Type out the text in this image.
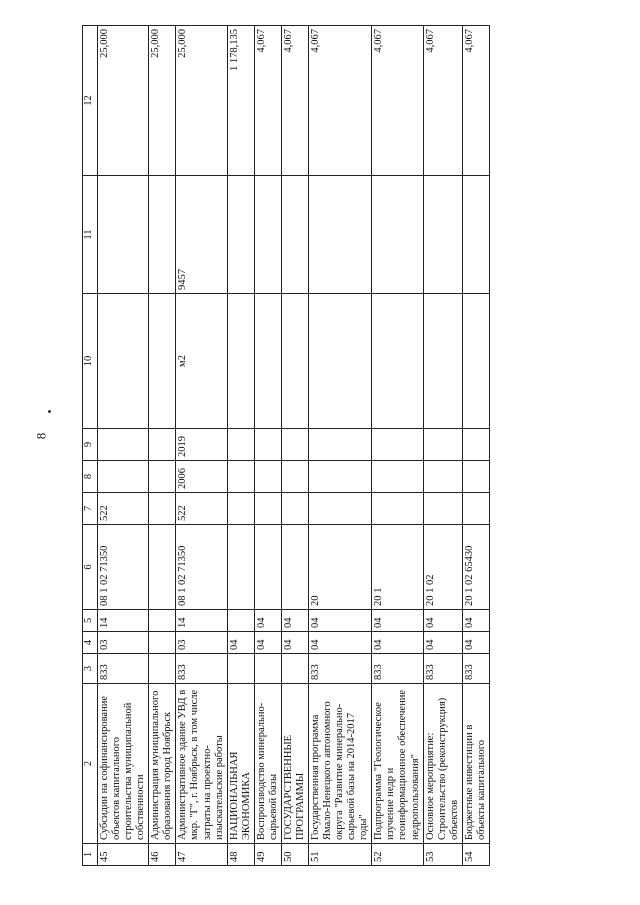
8
1	2	3	4	5	6	7	8	9	10	11	12
45	Субсидии на софинансирование объектов капитального строительства муниципальной собственности	833	03	14	08 1 02 71350	522					25,000
46	Администрация муниципального образования город Ноябрьск										25,000
47	Административное здание УВД в мкр. "Г", г. Ноябрьск, в том числе затраты на проектно-изыскательские работы	833	03	14	08 1 02 71350	522	2006	2019	м2	9457	25,000
48	НАЦИОНАЛЬНАЯ ЭКОНОМИКА		04								1 178,135
49	Воспроизводство минерально-сырьевой базы		04	04							4,067
50	ГОСУДАРСТВЕННЫЕ ПРОГРАММЫ		04	04							4,067
51	Государственная программа Ямало-Ненецкого автономного округа "Развитие минерально-сырьевой базы на 2014-2017 годы"	833	04	04	20						4,067
52	Подпрограмма "Геологическое изучение недр и геоинформационное обеспечение недропользования"	833	04	04	20 1						4,067
53	Основное мероприятие: Строительство (реконструкция) объектов	833	04	04	20 1 02						4,067
54	Бюджетные инвестиции в объекты капитального	833	04	04	20 1 02 65430						4,067
